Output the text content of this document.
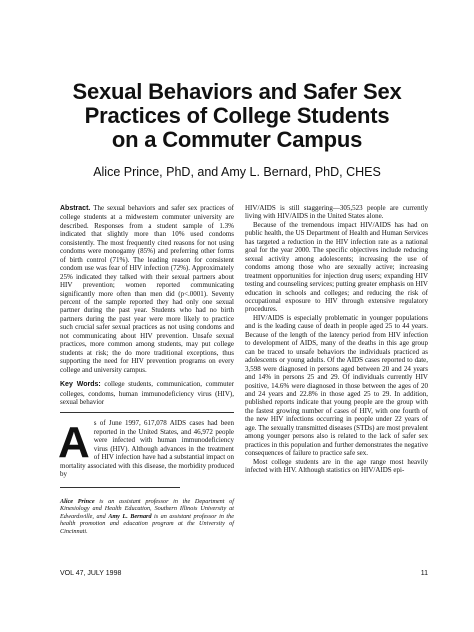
Sexual Behaviors and Safer Sex
Practices of College Students
on a Commuter Campus
Alice Prince, PhD, and Amy L. Bernard, PhD, CHES

Abstract. The sexual behaviors and safer sex practices of college students at a midwestern commuter university are described. Responses from a student sample of 1.3% indicated that slightly more than 10% used condoms consistently. The most frequently cited reasons for not using condoms were monogamy (85%) and preferring other forms of birth control (71%). The leading reason for consistent condom use was fear of HIV infection (72%). Approximately 25% indicated they talked with their sexual partners about HIV prevention; women reported communicating significantly more often than men did (p<.0001). Seventy percent of the sample reported they had only one sexual partner during the past year. Students who had no birth partners during the past year were more likely to practice such crucial safer sexual practices as not using condoms and not communicating about HIV prevention. Unsafe sexual practices, more common among students, may put college students at risk; the do more traditional exceptions, thus supporting the need for HIV prevention programs on every college and university campus.

Key Words: college students, communication, commuter colleges, condoms, human immunodeficiency virus (HIV), sexual behavior

A s of June 1997, 617,078 AIDS cases had been reported in the United States, and 46,972 people were infected with human immunodeficiency virus (HIV). Although advances in the treatment of HIV infection have had a substantial impact on mortality associated with this disease, the morbidity produced by

Alice Prince is an assistant professor in the Department of Kinesiology and Health Education, Southern Illinois University at Edwardsville, and Amy L. Bernard is an assistant professor in the health promotion and education program at the University of Cincinnati.

HIV/AIDS is still staggering—305,523 people are currently living with HIV/AIDS in the United States alone.

Because of the tremendous impact HIV/AIDS has had on public health, the US Department of Health and Human Services has targeted a reduction in the HIV infection rate as a national goal for the year 2000. The specific objectives include reducing sexual activity among adolescents; increasing the use of condoms among those who are sexually active; increasing treatment opportunities for injection drug users; expanding HIV testing and counseling services; putting greater emphasis on HIV education in schools and colleges; and reducing the risk of occupational exposure to HIV through extensive regulatory procedures.

HIV/AIDS is especially problematic in younger populations and is the leading cause of death in people aged 25 to 44 years. Because of the length of the latency period from HIV infection to development of AIDS, many of the deaths in this age group can be traced to unsafe behaviors the individuals practiced as adolescents or young adults. Of the AIDS cases reported to date, 3,598 were diagnosed in persons aged between 20 and 24 years and 14% in persons 25 and 29. Of individuals currently HIV positive, 14.6% were diagnosed in those between the ages of 20 and 24 years and 22.8% in those aged 25 to 29. In addition, published reports indicate that young people are the group with the fastest growing number of cases of HIV, with one fourth of the new HIV infections occurring in people under 22 years of age. The sexually transmitted diseases (STDs) are most prevalent among younger persons also is related to the lack of safer sex practices in this population and further demonstrates the negative consequences of failure to practice safe sex.

Most college students are in the age range most heavily infected with HIV. Although statistics on HIV/AIDS epi-

VOL 47, JULY 1998	11
